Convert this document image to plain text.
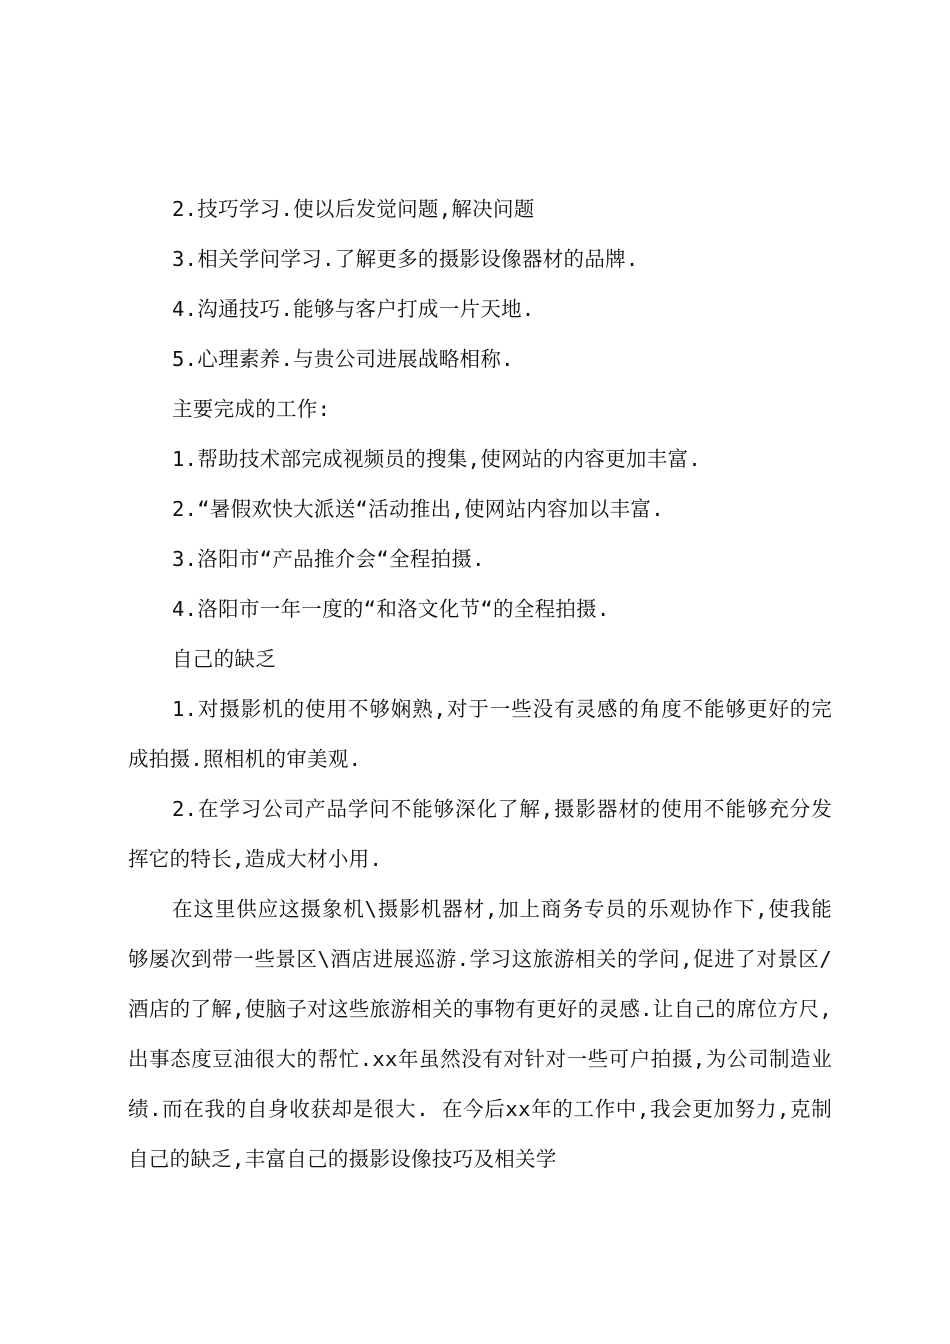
2.技巧学习.使以后发觉问题,解决问题
3.相关学问学习.了解更多的摄影设像器材的品牌.
4.沟通技巧.能够与客户打成一片天地.
5.心理素养.与贵公司进展战略相称.
主要完成的工作:
1.帮助技术部完成视频员的搜集,使网站的内容更加丰富.
2.“暑假欢快大派送“活动推出,使网站内容加以丰富.
3.洛阳市“产品推介会“全程拍摄.
4.洛阳市一年一度的“和洛文化节“的全程拍摄.
自己的缺乏

1.对摄影机的使用不够娴熟,对于一些没有灵感的角度不能够更好的完成拍摄.照相机的审美观.

2.在学习公司产品学问不能够深化了解,摄影器材的使用不能够充分发挥它的特长,造成大材小用.

在这里供应这摄象机\摄影机器材,加上商务专员的乐观协作下,使我能够屡次到带一些景区\酒店进展巡游.学习这旅游相关的学问,促进了对景区/酒店的了解,使脑子对这些旅游相关的事物有更好的灵感.让自己的席位方尺,出事态度豆油很大的帮忙.xx年虽然没有对针对一些可户拍摄,为公司制造业绩.而在我的自身收获却是很大. 在今后xx年的工作中,我会更加努力,克制自己的缺乏,丰富自己的摄影设像技巧及相关学
